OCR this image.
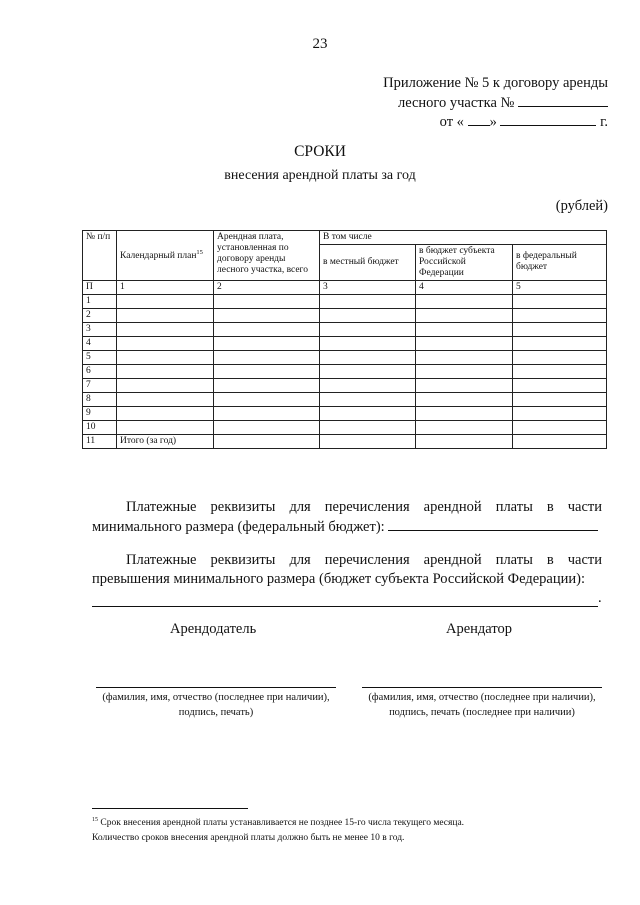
23
Приложение № 5 к договору аренды
лесного участка №
от « »	г.
СРОКИ
внесения арендной платы за год
(рублей)
№ п/п	Календарный план$^{15}$	Арендная плата, установленная по договору аренды лесного участка, всего	В том числе		
			в местный бюджет	в бюджет субъекта Российской Федерации	в федеральный бюджет
П	1	2	3	4	5
1					
2					
3					
4					
5					
6					
7					
8					
9					
10					
11	Итого (за год)				
Платежные реквизиты для перечисления арендной платы в части
минимального размера (федеральный бюджет):
Платежные реквизиты для перечисления арендной платы в части
превышения минимального размера (бюджет субъекта Российской Федерации):
.
Арендодатель	Арендатор
(фамилия, имя, отчество (последнее при наличии), подпись, печать)
(фамилия, имя, отчество (последнее при наличии), подпись, печать (последнее при наличии)
$^{15}$ Срок внесения арендной платы устанавливается не позднее 15-го числа текущего месяца.
Количество сроков внесения арендной платы должно быть не менее 10 в год.
